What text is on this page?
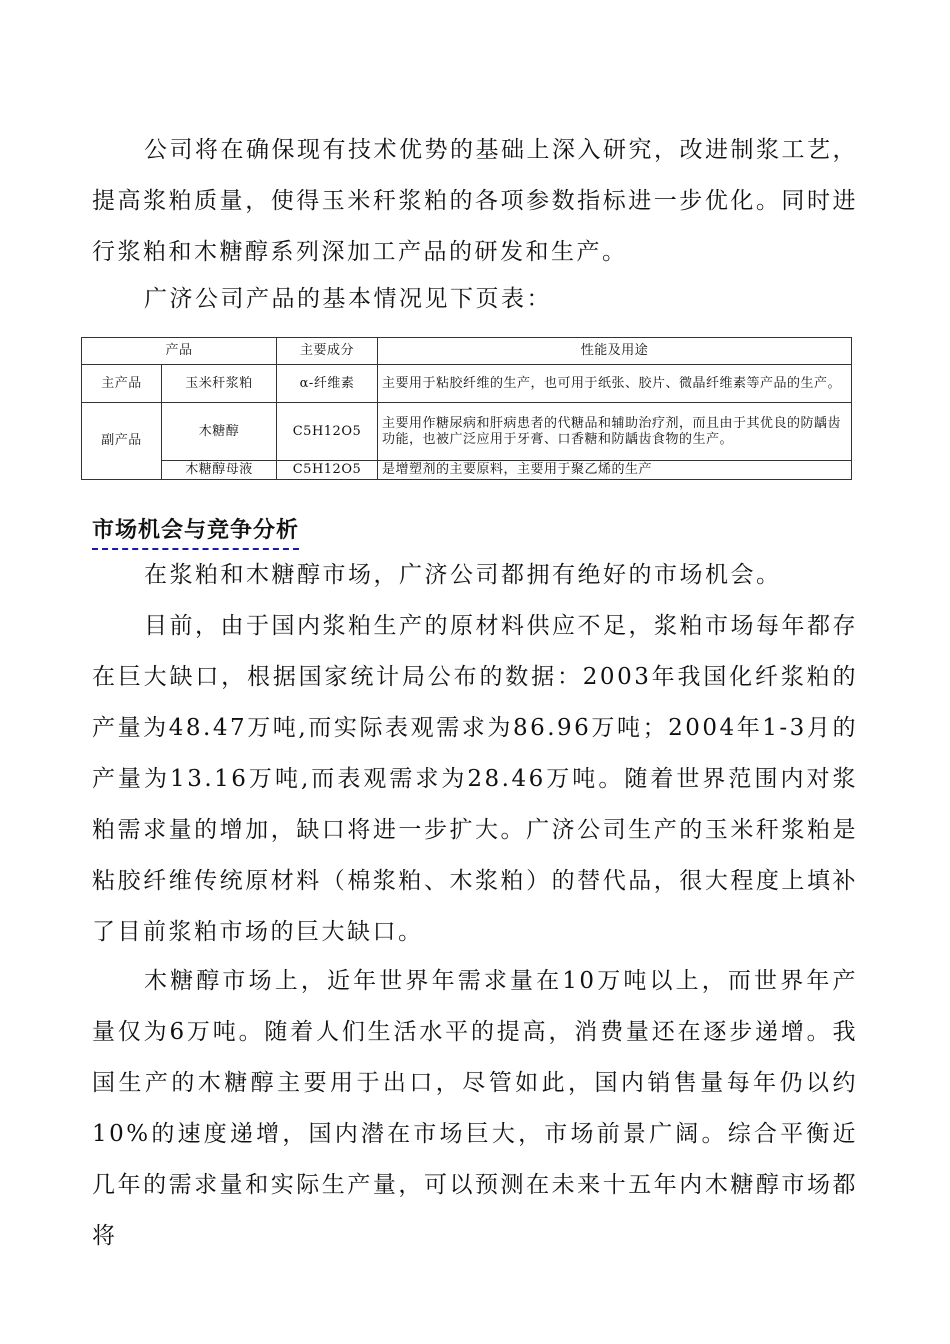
公司将在确保现有技术优势的基础上深入研究，改进制浆工艺，提高浆粕质量，使得玉米秆浆粕的各项参数指标进一步优化。同时进行浆粕和木糖醇系列深加工产品的研发和生产。

广济公司产品的基本情况见下页表：

产品		主要成分	性能及用途
主产品	玉米秆浆粕	α-纤维素	主要用于粘胶纤维的生产，也可用于纸张、胶片、微晶纤维素等产品的生产。
副产品	木糖醇	C5H12O5	主要用作糖尿病和肝病患者的代糖品和辅助治疗剂，而且由于其优良的防龋齿功能，也被广泛应用于牙膏、口香糖和防龋齿食物的生产。
	木糖醇母液	C5H12O5	是增塑剂的主要原料，主要用于聚乙烯的生产
市场机会与竞争分析

在浆粕和木糖醇市场，广济公司都拥有绝好的市场机会。

目前，由于国内浆粕生产的原材料供应不足，浆粕市场每年都存在巨大缺口，根据国家统计局公布的数据：2003年我国化纤浆粕的产量为48.47万吨,而实际表观需求为86.96万吨；2004年1-3月的产量为13.16万吨,而表观需求为28.46万吨。随着世界范围内对浆粕需求量的增加，缺口将进一步扩大。广济公司生产的玉米秆浆粕是粘胶纤维传统原材料（棉浆粕、木浆粕）的替代品，很大程度上填补了目前浆粕市场的巨大缺口。

木糖醇市场上，近年世界年需求量在10万吨以上，而世界年产量仅为6万吨。随着人们生活水平的提高，消费量还在逐步递增。我国生产的木糖醇主要用于出口，尽管如此，国内销售量每年仍以约10%的速度递增，国内潜在市场巨大，市场前景广阔。综合平衡近几年的需求量和实际生产量，可以预测在未来十五年内木糖醇市场都将
